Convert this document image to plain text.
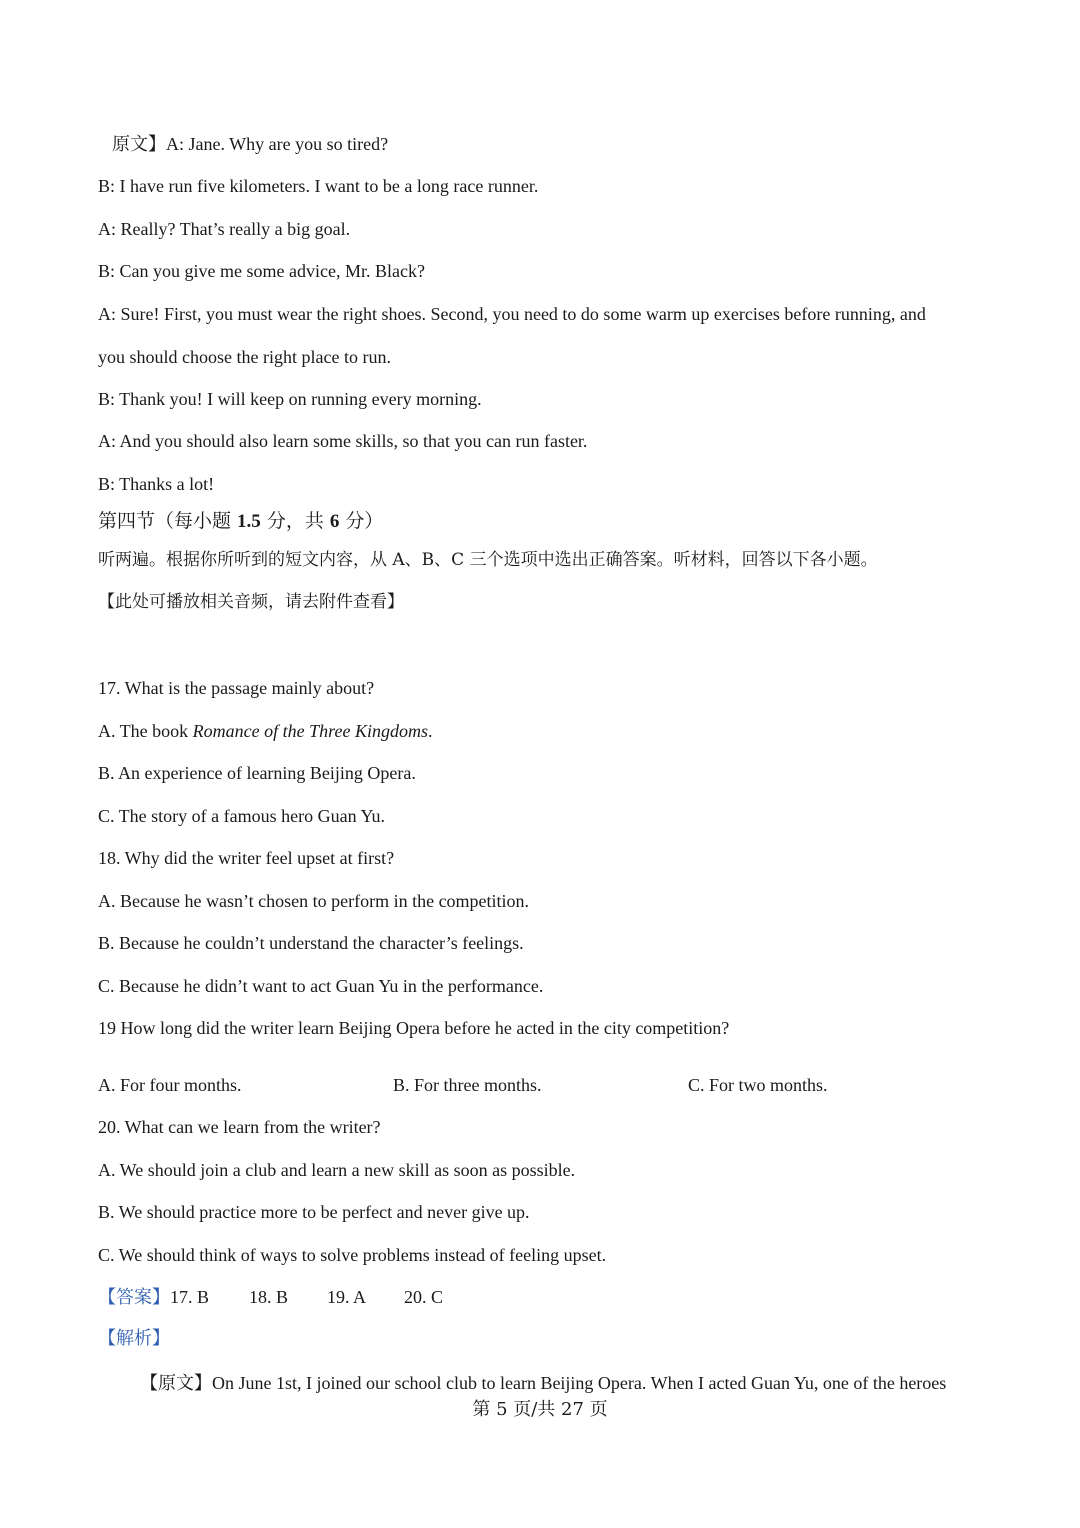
原文】A: Jane. Why are you so tired?
B: I have run five kilometers. I want to be a long race runner.
A: Really? That’s really a big goal.
B: Can you give me some advice, Mr. Black?
A: Sure! First, you must wear the right shoes. Second, you need to do some warm up exercises before running, and
you should choose the right place to run.
B: Thank you! I will keep on running every morning.
A: And you should also learn some skills, so that you can run faster.
B: Thanks a lot!
第四节（每小题 1.5 分，共 6 分）
听两遍。根据你所听到的短文内容，从 A、B、C 三个选项中选出正确答案。听材料，回答以下各小题。
【此处可播放相关音频，请去附件查看】
17. What is the passage mainly about?
A. The book Romance of the Three Kingdoms.
B. An experience of learning Beijing Opera.
C. The story of a famous hero Guan Yu.
18. Why did the writer feel upset at first?
A. Because he wasn’t chosen to perform in the competition.
B. Because he couldn’t understand the character’s feelings.
C. Because he didn’t want to act Guan Yu in the performance.
19 How long did the writer learn Beijing Opera before he acted in the city competition?
A. For four months.	B. For three months.	C. For two months.
20. What can we learn from the writer?
A. We should join a club and learn a new skill as soon as possible.
B. We should practice more to be perfect and never give up.
C. We should think of ways to solve problems instead of feeling upset.
【答案】17. B 18. B 19. A 20. C
【解析】
【原文】On June 1st, I joined our school club to learn Beijing Opera. When I acted Guan Yu, one of the heroes
第 5 页/共 27 页
